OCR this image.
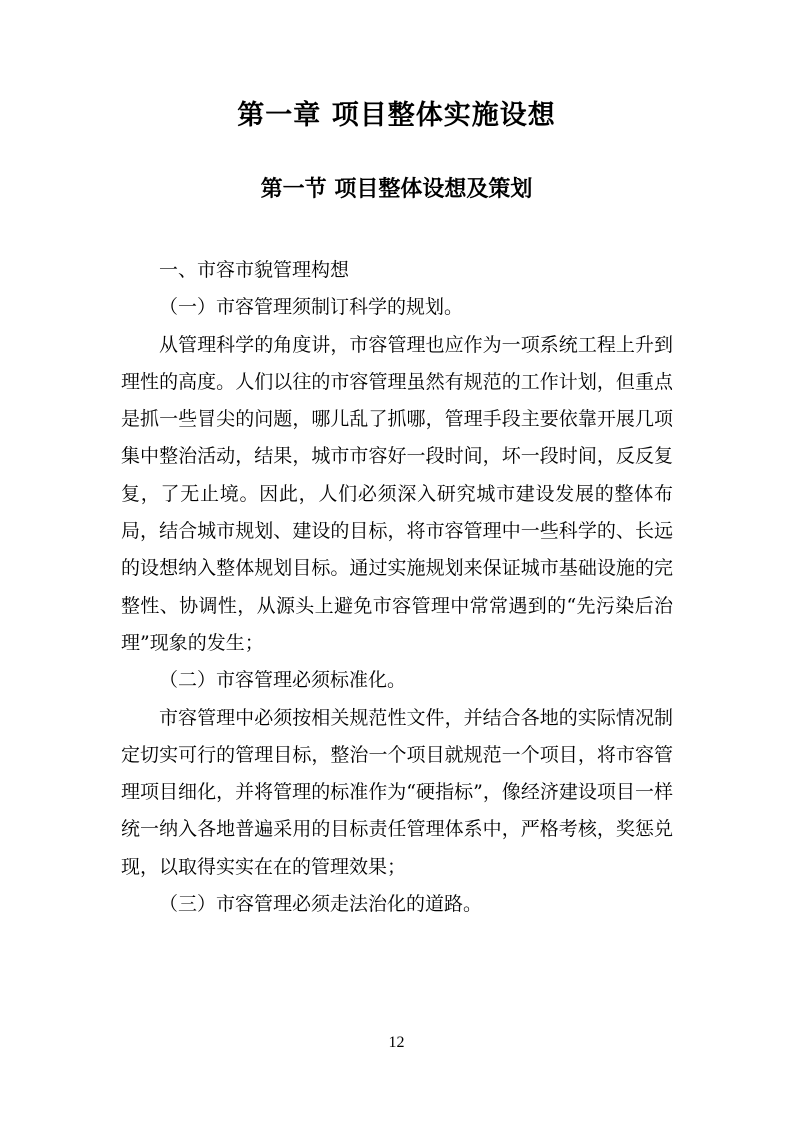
第一章 项目整体实施设想
第一节 项目整体设想及策划

一、市容市貌管理构想

（一）市容管理须制订科学的规划。

从管理科学的角度讲，市容管理也应作为一项系统工程上升到理性的高度。人们以往的市容管理虽然有规范的工作计划，但重点是抓一些冒尖的问题，哪儿乱了抓哪，管理手段主要依靠开展几项集中整治活动，结果，城市市容好一段时间，坏一段时间，反反复复，了无止境。因此，人们必须深入研究城市建设发展的整体布局，结合城市规划、建设的目标，将市容管理中一些科学的、长远的设想纳入整体规划目标。通过实施规划来保证城市基础设施的完整性、协调性，从源头上避免市容管理中常常遇到的“先污染后治理”现象的发生；

（二）市容管理必须标准化。

市容管理中必须按相关规范性文件，并结合各地的实际情况制定切实可行的管理目标，整治一个项目就规范一个项目，将市容管理项目细化，并将管理的标准作为“硬指标”，像经济建设项目一样统一纳入各地普遍采用的目标责任管理体系中，严格考核，奖惩兑现，以取得实实在在的管理效果；

（三）市容管理必须走法治化的道路。

12
